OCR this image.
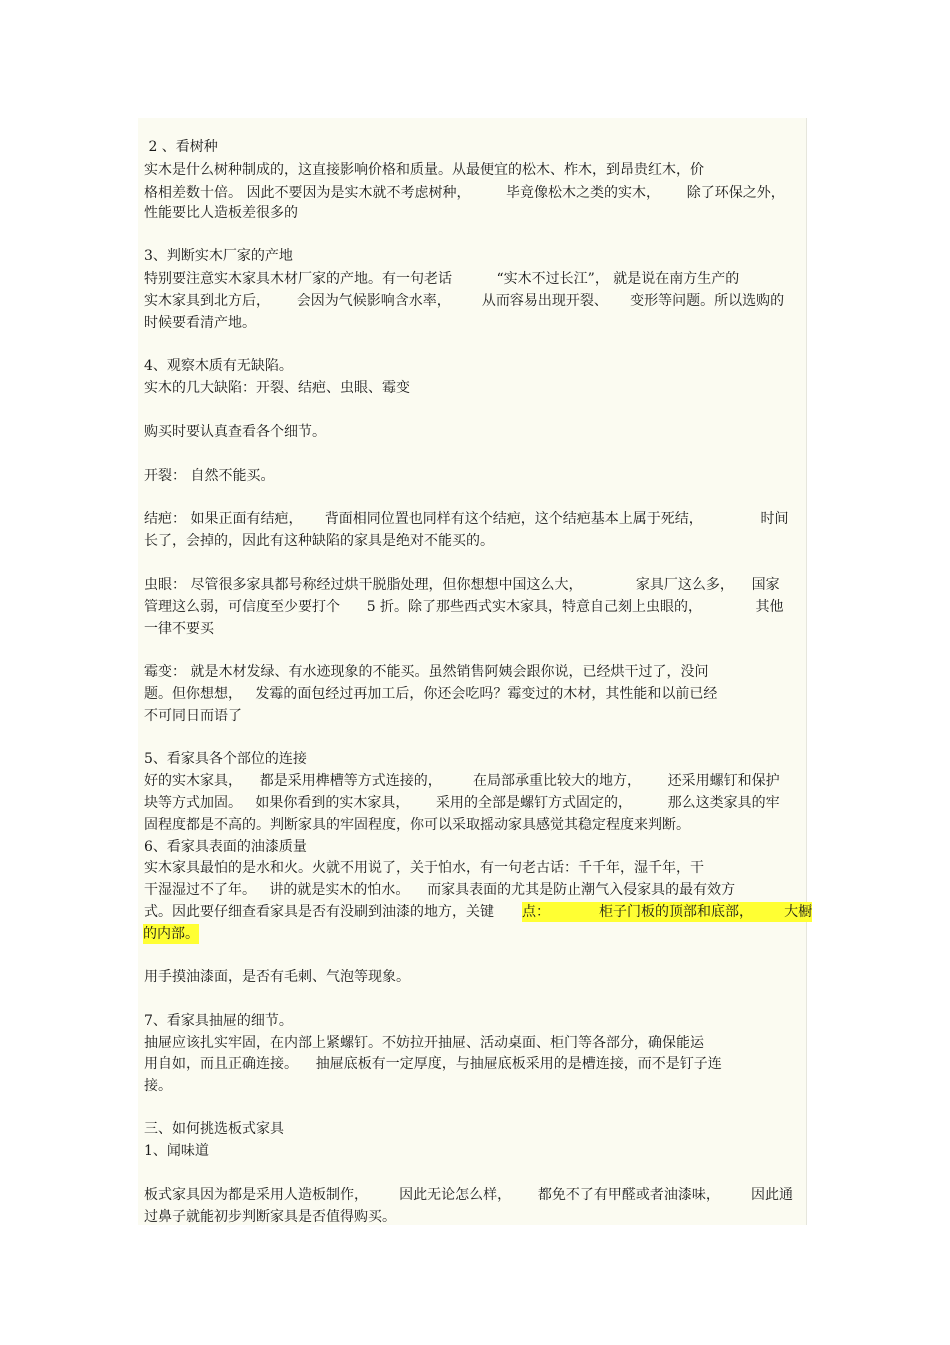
2 、看树种
实木是什么树种制成的，这直接影响价格和质量。从最便宜的松木、柞木，到昂贵红木，价
格相差数十倍。 因此不要因为是实木就不考虑树种，        毕竟像松木之类的实木，      除了环保之外，
性能要比人造板差很多的
3、判断实木厂家的产地
特别要注意实木家具木材厂家的产地。有一句老话          “实木不过长江”， 就是说在南方生产的
实木家具到北方后，      会因为气候影响含水率，       从而容易出现开裂、     变形等问题。所以选购的
时候要看清产地。
4、观察木质有无缺陷。
实木的几大缺陷：开裂、结疤、虫眼、霉变
购买时要认真查看各个细节。
开裂： 自然不能买。
结疤： 如果正面有结疤，     背面相同位置也同样有这个结疤，这个结疤基本上属于死结，             时间
长了，会掉的，因此有这种缺陷的家具是绝对不能买的。
虫眼： 尽管很多家具都号称经过烘干脱脂处理，但你想想中国这么大，            家具厂这么多，    国家
管理这么弱，可信度至少要打个      5 折。除了那些西式实木家具，特意自己刻上虫眼的，            其他
一律不要买
霉变： 就是木材发绿、有水迹现象的不能买。虽然销售阿姨会跟你说，已经烘干过了，没问
题。但你想想，   发霉的面包经过再加工后，你还会吃吗？霉变过的木材，其性能和以前已经
不可同日而语了
5、看家具各个部位的连接
好的实木家具，    都是采用榫槽等方式连接的，       在局部承重比较大的地方，      还采用螺钉和保护
块等方式加固。   如果你看到的实木家具，      采用的全部是螺钉方式固定的，        那么这类家具的牢
固程度都是不高的。判断家具的牢固程度，你可以采取摇动家具感觉其稳定程度来判断。
6、看家具表面的油漆质量
实木家具最怕的是水和火。火就不用说了，关于怕水，有一句老古话：千千年，湿千年，干
干湿湿过不了年。   讲的就是实木的怕水。    而家具表面的尤其是防止潮气入侵家具的最有效方
式。因此要仔细查看家具是否有没刷到油漆的地方，关键
用手摸油漆面，是否有毛刺、气泡等现象。
7、看家具抽屉的细节。
抽屉应该扎实牢固，在内部上紧螺钉。不妨拉开抽屉、活动桌面、柜门等各部分，确保能运
用自如，而且正确连接。    抽屉底板有一定厚度，与抽屉底板采用的是槽连接，而不是钉子连
接。
三、如何挑选板式家具
1、闻味道
板式家具因为都是采用人造板制作，       因此无论怎么样，      都免不了有甲醛或者油漆味，       因此通
过鼻子就能初步判断家具是否值得购买。
点：           柜子门板的顶部和底部，       大橱
的内部。
